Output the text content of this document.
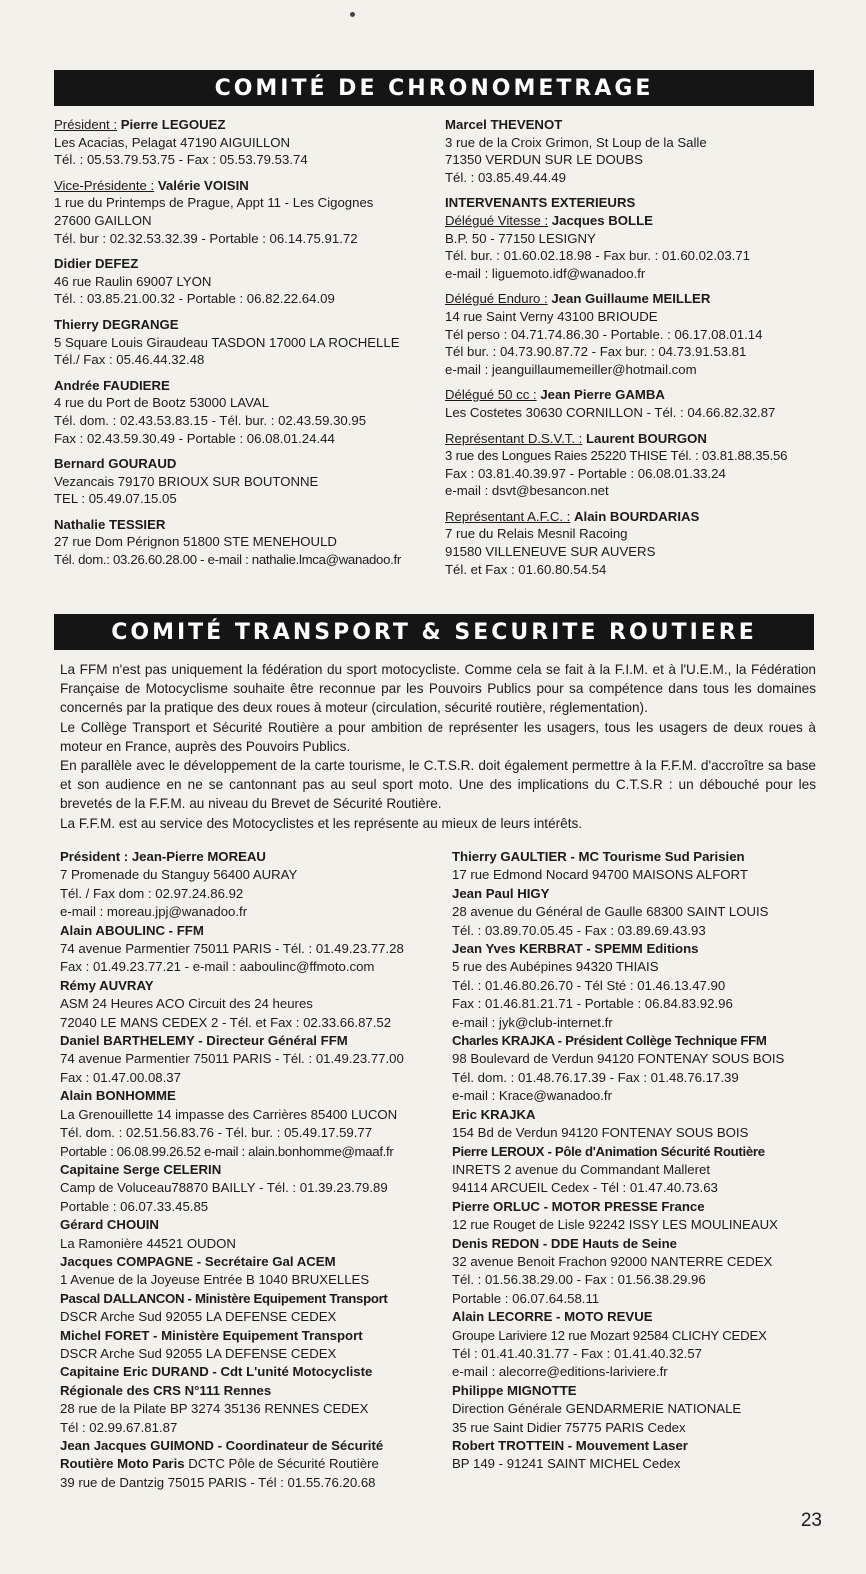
COMITÉ DE CHRONOMETRAGE
Président : Pierre LEGOUEZ
Les Acacias, Pelagat 47190 AIGUILLON
Tél. : 05.53.79.53.75 - Fax : 05.53.79.53.74
Vice-Présidente : Valérie VOISIN
1 rue du Printemps de Prague, Appt 11 - Les Cigognes
27600 GAILLON
Tél. bur : 02.32.53.32.39 - Portable : 06.14.75.91.72
Didier DEFEZ
46 rue Raulin 69007 LYON
Tél. : 03.85.21.00.32 - Portable : 06.82.22.64.09
Thierry DEGRANGE
5 Square Louis Giraudeau TASDON 17000 LA ROCHELLE
Tél./ Fax : 05.46.44.32.48
Andrée FAUDIERE
4 rue du Port de Bootz 53000 LAVAL
Tél. dom. : 02.43.53.83.15 - Tél. bur. : 02.43.59.30.95
Fax : 02.43.59.30.49 - Portable : 06.08.01.24.44
Bernard GOURAUD
Vezancais 79170 BRIOUX SUR BOUTONNE
TEL : 05.49.07.15.05
Nathalie TESSIER
27 rue Dom Pérignon 51800 STE MENEHOULD
Tél. dom.: 03.26.60.28.00 - e-mail : nathalie.lmca@wanadoo.fr
Marcel THEVENOT
3 rue de la Croix Grimon, St Loup de la Salle
71350 VERDUN SUR LE DOUBS
Tél. : 03.85.49.44.49
INTERVENANTS EXTERIEURS
Délégué Vitesse : Jacques BOLLE
B.P. 50 - 77150 LESIGNY
Tél. bur. : 01.60.02.18.98 - Fax bur. : 01.60.02.03.71
e-mail : liguemoto.idf@wanadoo.fr
Délégué Enduro : Jean Guillaume MEILLER
14 rue Saint Verny 43100 BRIOUDE
Tél perso : 04.71.74.86.30 - Portable. : 06.17.08.01.14
Tél bur. : 04.73.90.87.72 - Fax bur. : 04.73.91.53.81
e-mail : jeanguillaumemeiller@hotmail.com
Délégué 50 cc : Jean Pierre GAMBA
Les Costetes 30630 CORNILLON - Tél. : 04.66.82.32.87
Représentant D.S.V.T. : Laurent BOURGON
3 rue des Longues Raies 25220 THISE Tél. : 03.81.88.35.56
Fax : 03.81.40.39.97 - Portable : 06.08.01.33.24
e-mail : dsvt@besancon.net
Représentant A.F.C. : Alain BOURDARIAS
7 rue du Relais Mesnil Racoing
91580 VILLENEUVE SUR AUVERS
Tél. et Fax : 01.60.80.54.54
COMITÉ TRANSPORT & SECURITE ROUTIERE

La FFM n'est pas uniquement la fédération du sport motocycliste. Comme cela se fait à la F.I.M. et à l'U.E.M., la Fédération Française de Motocyclisme souhaite être reconnue par les Pouvoirs Publics pour sa compétence dans tous les domaines concernés par la pratique des deux roues à moteur (circulation, sécurité routière, réglementation).

Le Collège Transport et Sécurité Routière a pour ambition de représenter les usagers, tous les usagers de deux roues à moteur en France, auprès des Pouvoirs Publics.

En parallèle avec le développement de la carte tourisme, le C.T.S.R. doit également permettre à la F.F.M. d'accroître sa base et son audience en ne se cantonnant pas au seul sport moto. Une des implications du C.T.S.R : un débouché pour les brevetés de la F.F.M. au niveau du Brevet de Sécurité Routière.

La F.F.M. est au service des Motocyclistes et les représente au mieux de leurs intérêts.

Président : Jean-Pierre MOREAU
7 Promenade du Stanguy 56400 AURAY
Tél. / Fax dom : 02.97.24.86.92
e-mail : moreau.jpj@wanadoo.fr
Alain ABOULINC - FFM
74 avenue Parmentier 75011 PARIS - Tél. : 01.49.23.77.28
Fax : 01.49.23.77.21 - e-mail : aaboulinc@ffmoto.com
Rémy AUVRAY
ASM 24 Heures ACO Circuit des 24 heures
72040 LE MANS CEDEX 2 - Tél. et Fax : 02.33.66.87.52
Daniel BARTHELEMY - Directeur Général FFM
74 avenue Parmentier 75011 PARIS - Tél. : 01.49.23.77.00
Fax : 01.47.00.08.37
Alain BONHOMME
La Grenouillette 14 impasse des Carrières 85400 LUCON
Tél. dom. : 02.51.56.83.76 - Tél. bur. : 05.49.17.59.77
Portable : 06.08.99.26.52 e-mail : alain.bonhomme@maaf.fr
Capitaine Serge CELERIN
Camp de Voluceau78870 BAILLY - Tél. : 01.39.23.79.89
Portable : 06.07.33.45.85
Gérard CHOUIN
La Ramonière 44521 OUDON
Jacques COMPAGNE - Secrétaire Gal ACEM
1 Avenue de la Joyeuse Entrée B 1040 BRUXELLES
Pascal DALLANCON - Ministère Equipement Transport
DSCR Arche Sud 92055 LA DEFENSE CEDEX
Michel FORET - Ministère Equipement Transport
DSCR Arche Sud 92055 LA DEFENSE CEDEX
Capitaine Eric DURAND - Cdt L'unité Motocycliste
Régionale des CRS N°111 Rennes
28 rue de la Pilate BP 3274 35136 RENNES CEDEX
Tél : 02.99.67.81.87
Jean Jacques GUIMOND - Coordinateur de Sécurité
Routière Moto Paris DCTC Pôle de Sécurité Routière
39 rue de Dantzig 75015 PARIS - Tél : 01.55.76.20.68
Thierry GAULTIER - MC Tourisme Sud Parisien
17 rue Edmond Nocard 94700 MAISONS ALFORT
Jean Paul HIGY
28 avenue du Général de Gaulle 68300 SAINT LOUIS
Tél. : 03.89.70.05.45 - Fax : 03.89.69.43.93
Jean Yves KERBRAT - SPEMM Editions
5 rue des Aubépines 94320 THIAIS
Tél. : 01.46.80.26.70 - Tél Sté : 01.46.13.47.90
Fax : 01.46.81.21.71 - Portable : 06.84.83.92.96
e-mail : jyk@club-internet.fr
Charles KRAJKA - Président Collège Technique FFM
98 Boulevard de Verdun 94120 FONTENAY SOUS BOIS
Tél. dom. : 01.48.76.17.39 - Fax : 01.48.76.17.39
e-mail : Krace@wanadoo.fr
Eric KRAJKA
154 Bd de Verdun 94120 FONTENAY SOUS BOIS
Pierre LEROUX - Pôle d'Animation Sécurité Routière
INRETS 2 avenue du Commandant Malleret
94114 ARCUEIL Cedex - Tél : 01.47.40.73.63
Pierre ORLUC - MOTOR PRESSE France
12 rue Rouget de Lisle 92242 ISSY LES MOULINEAUX
Denis REDON - DDE Hauts de Seine
32 avenue Benoit Frachon 92000 NANTERRE CEDEX
Tél. : 01.56.38.29.00 - Fax : 01.56.38.29.96
Portable : 06.07.64.58.11
Alain LECORRE - MOTO REVUE
Groupe Lariviere 12 rue Mozart 92584 CLICHY CEDEX
Tél : 01.41.40.31.77 - Fax : 01.41.40.32.57
e-mail : alecorre@editions-lariviere.fr
Philippe MIGNOTTE
Direction Générale GENDARMERIE NATIONALE
35 rue Saint Didier 75775 PARIS Cedex
Robert TROTTEIN - Mouvement Laser
BP 149 - 91241 SAINT MICHEL Cedex
23
